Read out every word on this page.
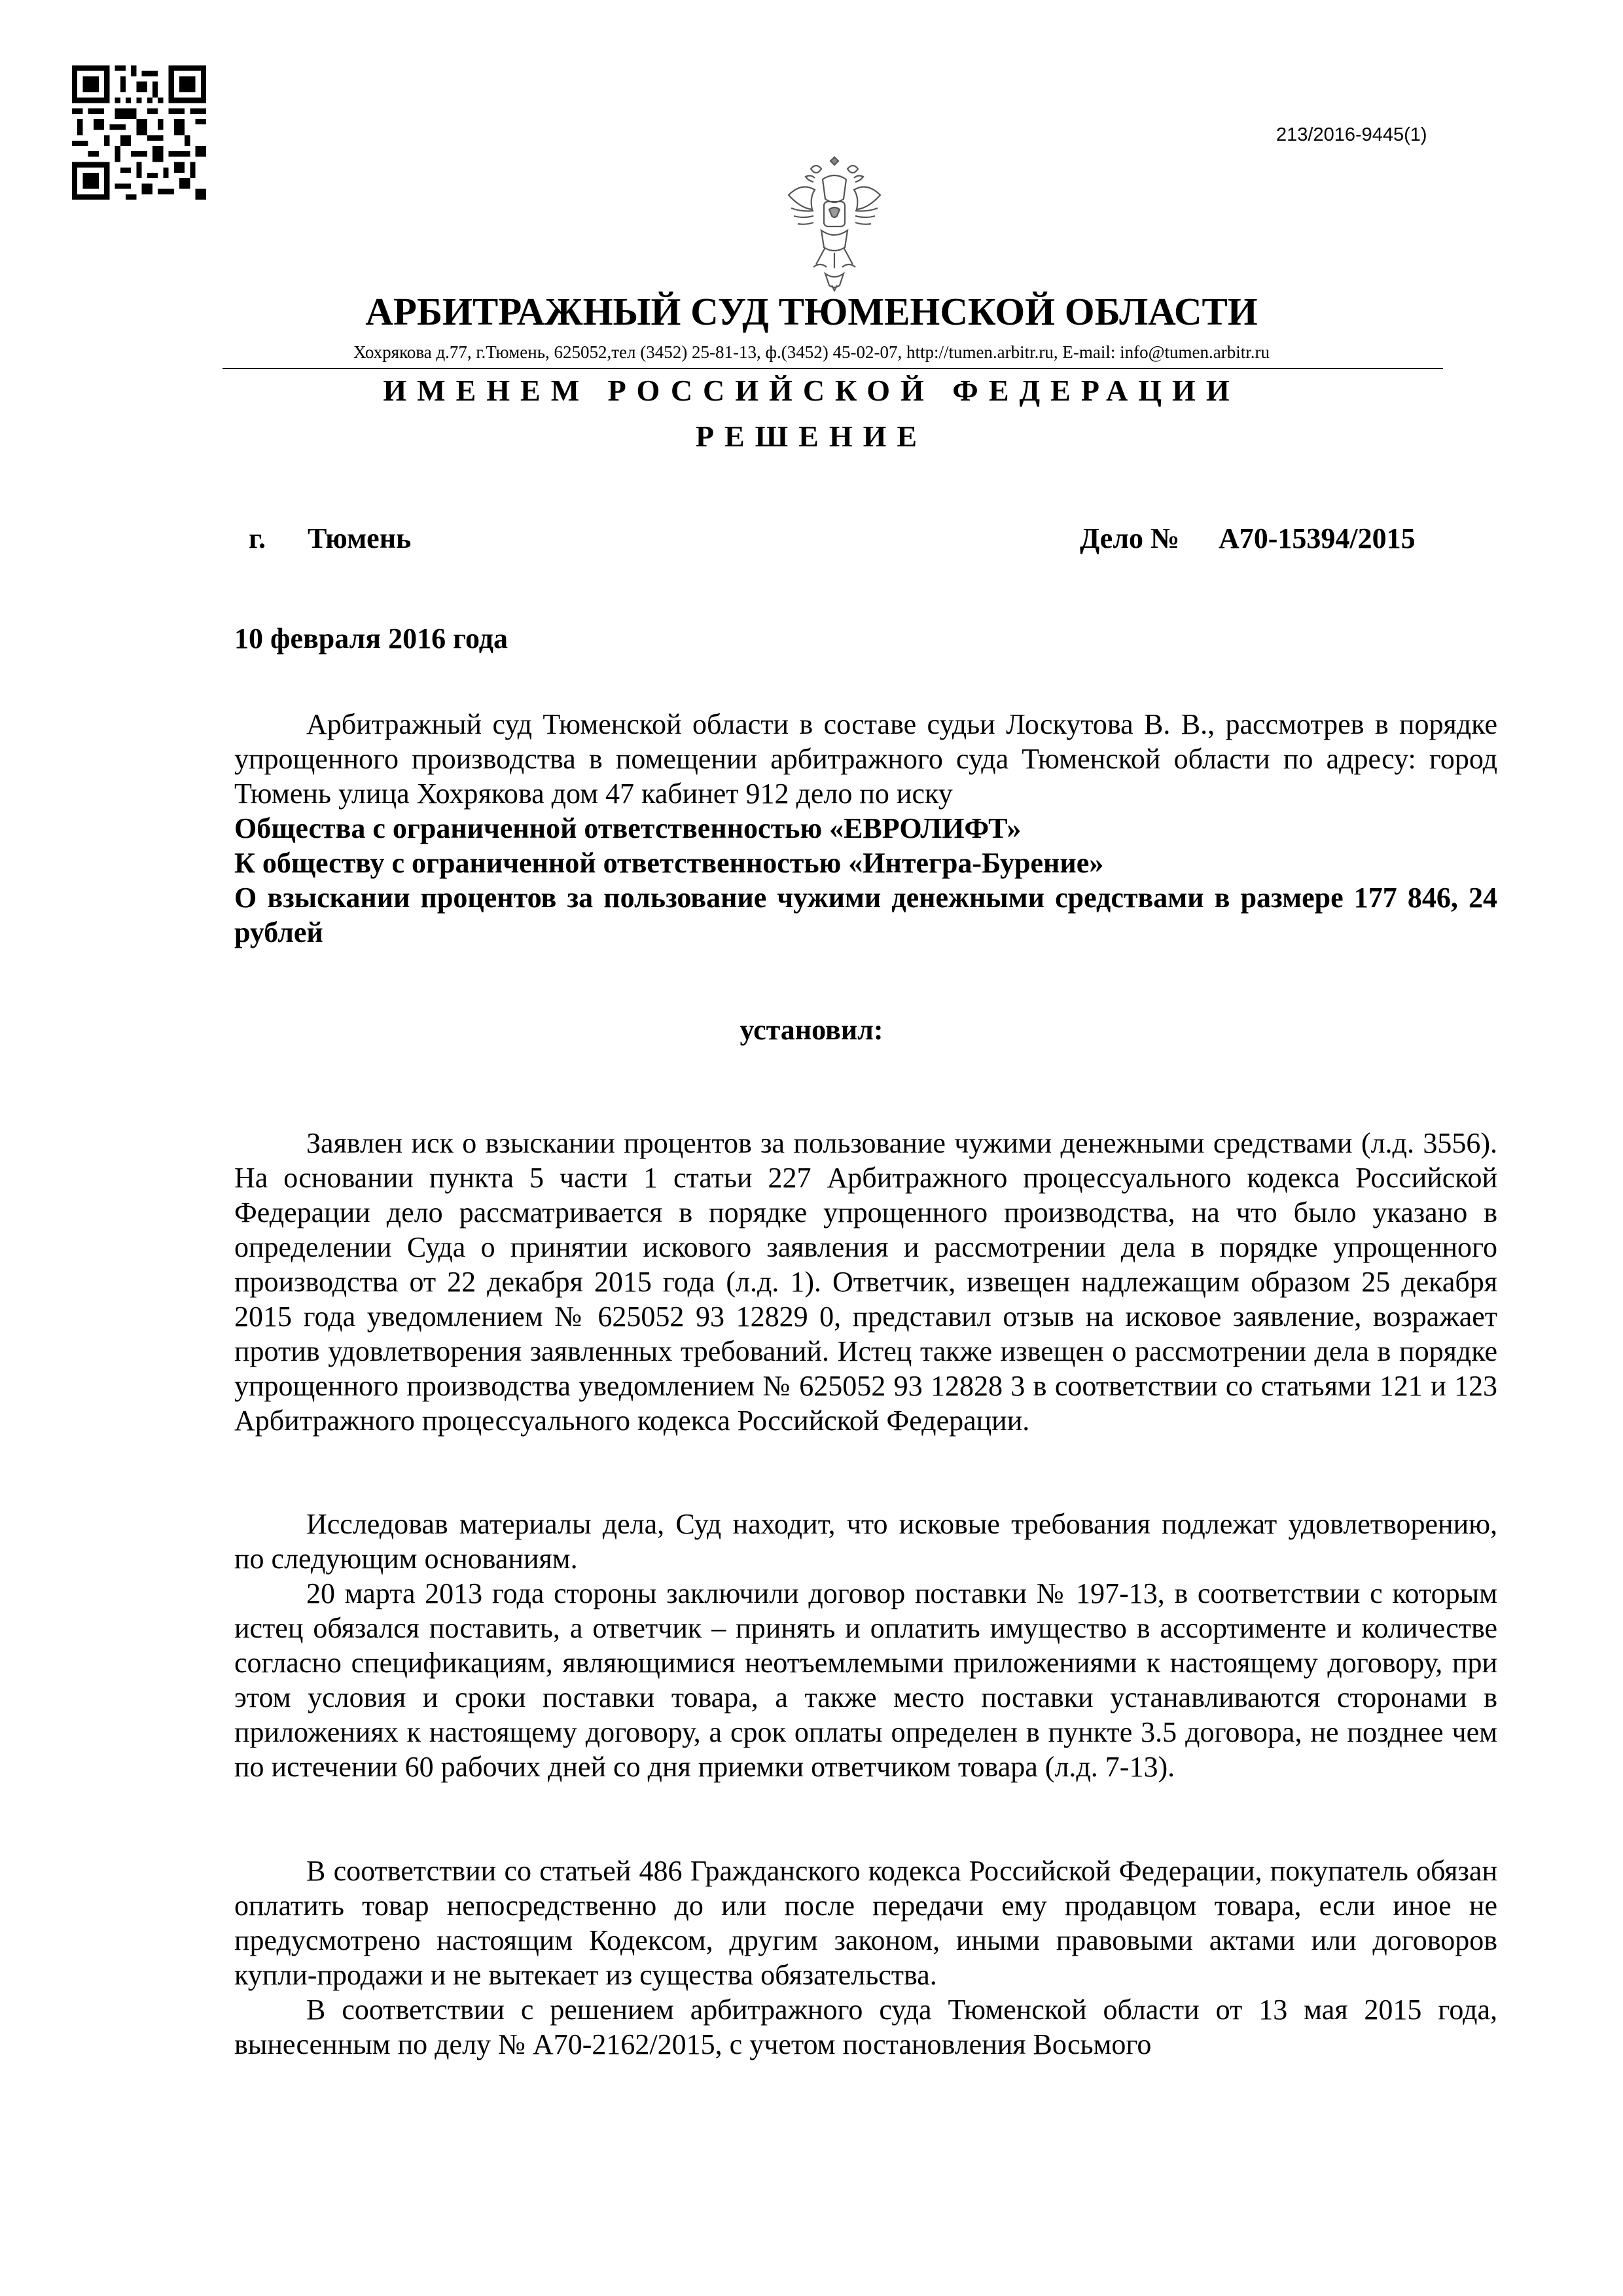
213/2016-9445(1)
АРБИТРАЖНЫЙ СУД ТЮМЕНСКОЙ ОБЛАСТИ
Хохрякова д.77, г.Тюмень, 625052,тел (3452) 25-81-13, ф.(3452) 45-02-07, http://tumen.arbitr.ru, E-mail: info@tumen.arbitr.ru
ИМЕНЕМ РОССИЙСКОЙ ФЕДЕРАЦИИ
РЕШЕНИЕ
г. Тюмень	Дело № А70-15394/2015
10 февраля 2016 года

Арбитражный суд Тюменской области в составе судьи Лоскутова В. В., рассмотрев в порядке упрощенного производства в помещении арбитражного суда Тюменской области по адресу: город Тюмень улица Хохрякова дом 47 кабинет 912 дело по иску

Общества с ограниченной ответственностью «ЕВРОЛИФТ»

К обществу с ограниченной ответственностью «Интегра-Бурение»

О взыскании процентов за пользование чужими денежными средствами в размере 177 846, 24 рублей

установил:

Заявлен иск о взыскании процентов за пользование чужими денежными средствами (л.д. 3556). На основании пункта 5 части 1 статьи 227 Арбитражного процессуального кодекса Российской Федерации дело рассматривается в порядке упрощенного производства, на что было указано в определении Суда о принятии искового заявления и рассмотрении дела в порядке упрощенного производства от 22 декабря 2015 года (л.д. 1). Ответчик, извещен надлежащим образом 25 декабря 2015 года уведомлением № 625052 93 12829 0, представил отзыв на исковое заявление, возражает против удовлетворения заявленных требований. Истец также извещен о рассмотрении дела в порядке упрощенного производства уведомлением № 625052 93 12828 3 в соответствии со статьями 121 и 123 Арбитражного процессуального кодекса Российской Федерации.

Исследовав материалы дела, Суд находит, что исковые требования подлежат удовлетворению, по следующим основаниям.

20 марта 2013 года стороны заключили договор поставки № 197-13, в соответствии с которым истец обязался поставить, а ответчик – принять и оплатить имущество в ассортименте и количестве согласно спецификациям, являющимися неотъемлемыми приложениями к настоящему договору, при этом условия и сроки поставки товара, а также место поставки устанавливаются сторонами в приложениях к настоящему договору, а срок оплаты определен в пункте 3.5 договора, не позднее чем по истечении 60 рабочих дней со дня приемки ответчиком товара (л.д. 7-13).

В соответствии со статьей 486 Гражданского кодекса Российской Федерации, покупатель обязан оплатить товар непосредственно до или после передачи ему продавцом товара, если иное не предусмотрено настоящим Кодексом, другим законом, иными правовыми актами или договоров купли-продажи и не вытекает из существа обязательства.

В соответствии с решением арбитражного суда Тюменской области от 13 мая 2015 года, вынесенным по делу № А70-2162/2015, с учетом постановления Восьмого
